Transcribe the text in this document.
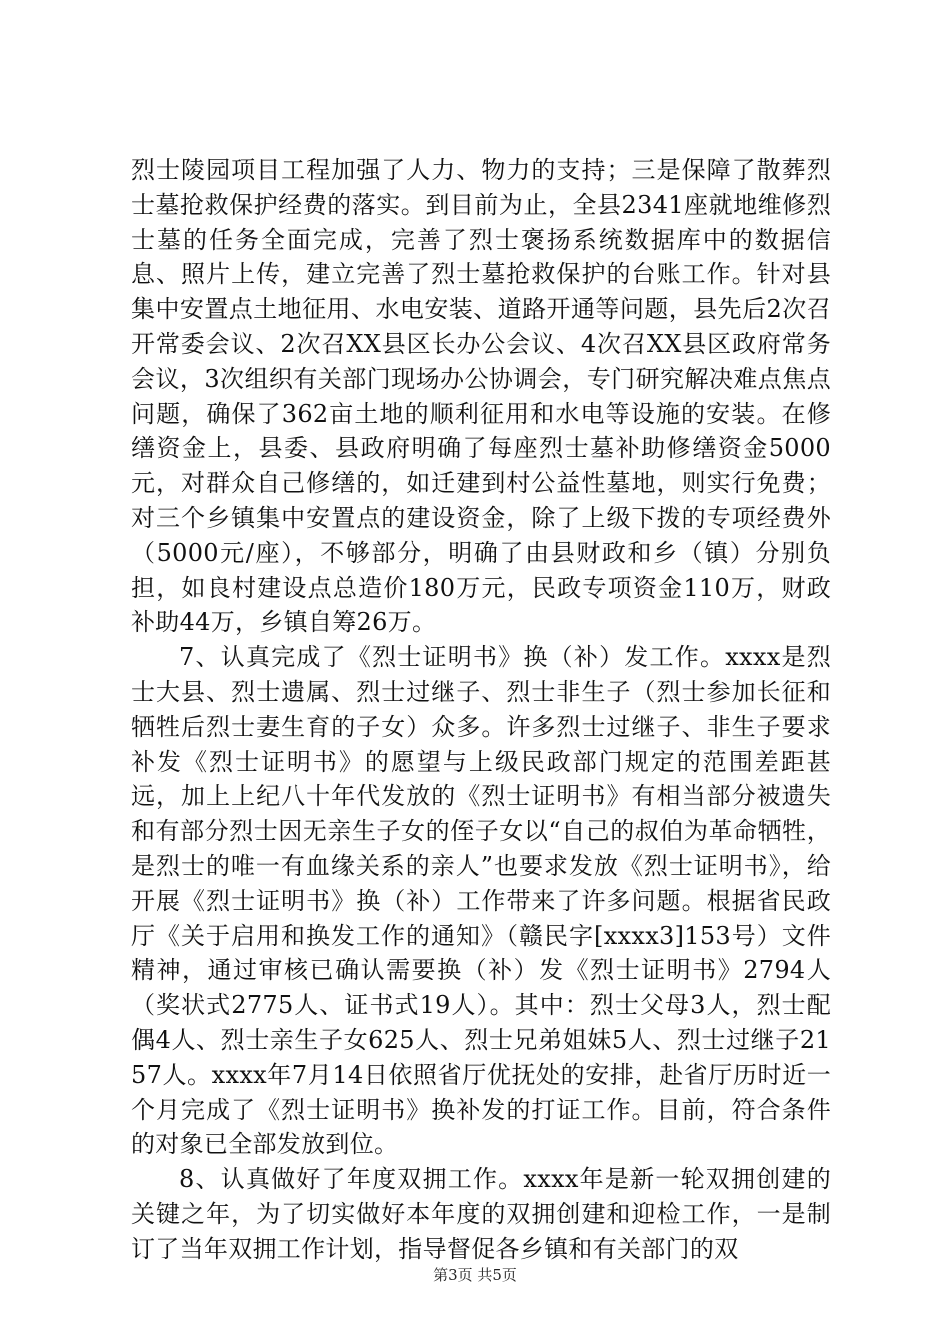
烈士陵园项目工程加强了人力、物力的支持；三是保障了散葬烈士墓抢救保护经费的落实。到目前为止，全县2341座就地维修烈士墓的任务全面完成，完善了烈士褒扬系统数据库中的数据信息、照片上传，建立完善了烈士墓抢救保护的台账工作。针对县集中安置点土地征用、水电安装、道路开通等问题，县先后2次召开常委会议、2次召XX县区长办公会议、4次召XX县区政府常务会议，3次组织有关部门现场办公协调会，专门研究解决难点焦点问题，确保了362亩土地的顺利征用和水电等设施的安装。在修缮资金上，县委、县政府明确了每座烈士墓补助修缮资金5000元，对群众自己修缮的，如迁建到村公益性墓地，则实行免费；对三个乡镇集中安置点的建设资金，除了上级下拨的专项经费外（5000元/座），不够部分，明确了由县财政和乡（镇）分别负担，如良村建设点总造价180万元，民政专项资金110万，财政补助44万，乡镇自筹26万。

7、认真完成了《烈士证明书》换（补）发工作。xxxx是烈士大县、烈士遗属、烈士过继子、烈士非生子（烈士参加长征和牺牲后烈士妻生育的子女）众多。许多烈士过继子、非生子要求补发《烈士证明书》的愿望与上级民政部门规定的范围差距甚远，加上上纪八十年代发放的《烈士证明书》有相当部分被遗失和有部分烈士因无亲生子女的侄子女以“自己的叔伯为革命牺牲，是烈士的唯一有血缘关系的亲人”也要求发放《烈士证明书》，给开展《烈士证明书》换（补）工作带来了许多问题。根据省民政厅《关于启用和换发工作的通知》（赣民字[xxxx3]153号）文件精神，通过审核已确认需要换（补）发《烈士证明书》2794人（奖状式2775人、证书式19人）。其中：烈士父母3人，烈士配偶4人、烈士亲生子女625人、烈士兄弟姐妹5人、烈士过继子2157人。xxxx年7月14日依照省厅优抚处的安排，赴省厅历时近一个月完成了《烈士证明书》换补发的打证工作。目前，符合条件的对象已全部发放到位。

8、认真做好了年度双拥工作。xxxx年是新一轮双拥创建的关键之年，为了切实做好本年度的双拥创建和迎检工作，一是制订了当年双拥工作计划，指导督促各乡镇和有关部门的双

第3页 共5页
